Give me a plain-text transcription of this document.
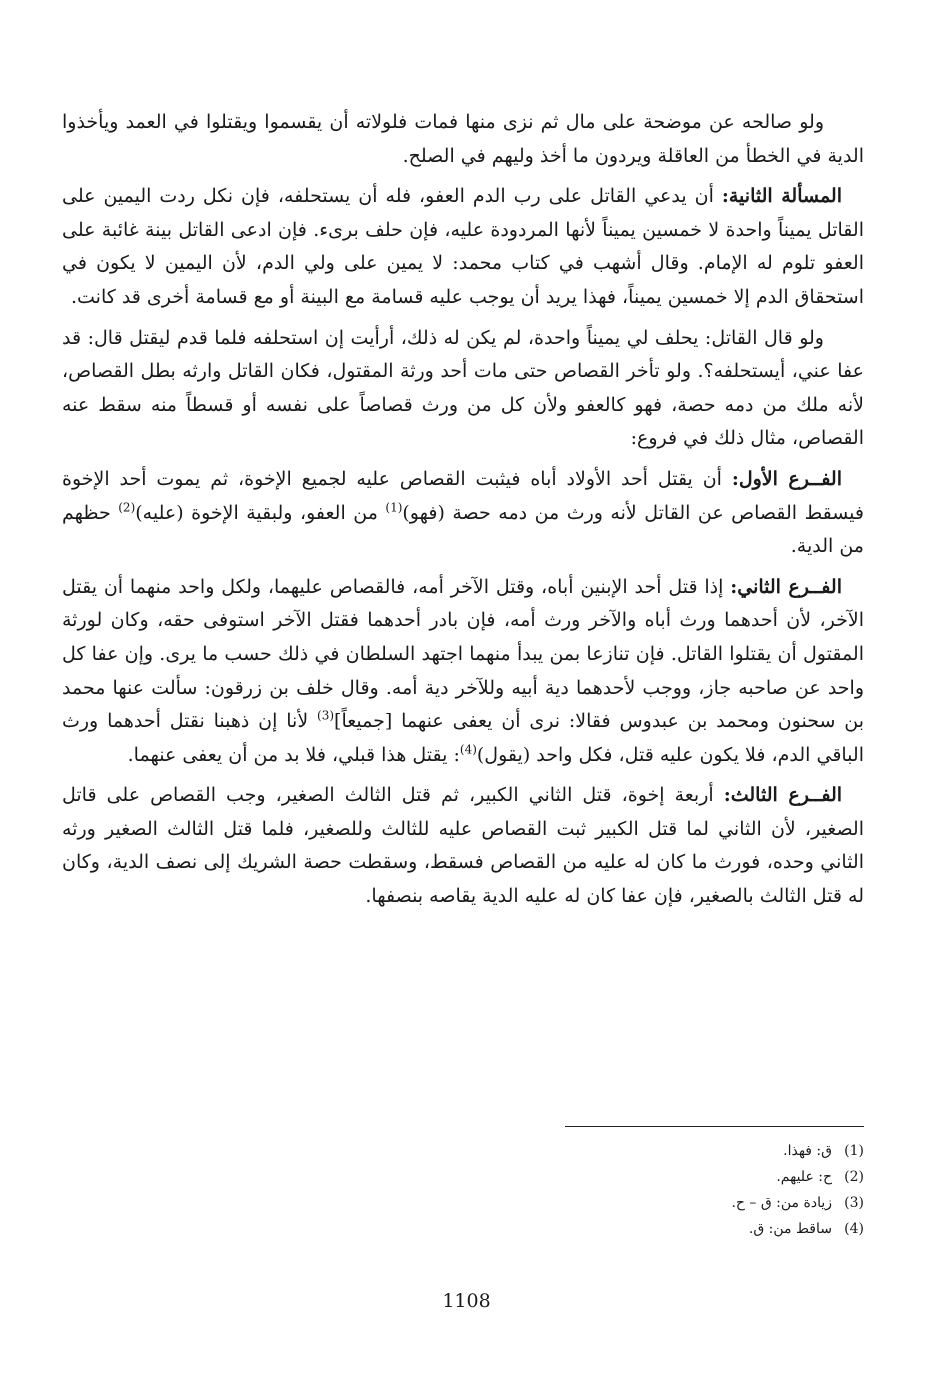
ولو صالحه عن موضحة على مال ثم نزى منها فمات فلولاته أن يقسموا ويقتلوا في العمد ويأخذوا الدية في الخطأ من العاقلة ويردون ما أخذ وليهم في الصلح.

المسألة الثانية: أن يدعي القاتل على رب الدم العفو، فله أن يستحلفه، فإن نكل ردت اليمين على القاتل يميناً واحدة لا خمسين يميناً لأنها المردودة عليه، فإن حلف برىء. فإن ادعى القاتل بينة غائبة على العفو تلوم له الإمام. وقال أشهب في كتاب محمد: لا يمين على ولي الدم، لأن اليمين لا يكون في استحقاق الدم إلا خمسين يميناً، فهذا يريد أن يوجب عليه قسامة مع البينة أو مع قسامة أخرى قد كانت.

ولو قال القاتل: يحلف لي يميناً واحدة، لم يكن له ذلك، أرأيت إن استحلفه فلما قدم ليقتل قال: قد عفا عني، أيستحلفه؟. ولو تأخر القصاص حتى مات أحد ورثة المقتول، فكان القاتل وارثه بطل القصاص، لأنه ملك من دمه حصة، فهو كالعفو ولأن كل من ورث قصاصاً على نفسه أو قسطاً منه سقط عنه القصاص، مثال ذلك في فروع:

الفــرع الأول: أن يقتل أحد الأولاد أباه فيثبت القصاص عليه لجميع الإخوة، ثم يموت أحد الإخوة فيسقط القصاص عن القاتل لأنه ورث من دمه حصة (فهو)$^{(1)}$ من العفو، ولبقية الإخوة (عليه)$^{(2)}$ حظهم من الدية.

الفــرع الثاني: إذا قتل أحد الإبنين أباه، وقتل الآخر أمه، فالقصاص عليهما، ولكل واحد منهما أن يقتل الآخر، لأن أحدهما ورث أباه والآخر ورث أمه، فإن بادر أحدهما فقتل الآخر استوفى حقه، وكان لورثة المقتول أن يقتلوا القاتل. فإن تنازعا بمن يبدأ منهما اجتهد السلطان في ذلك حسب ما يرى. وإن عفا كل واحد عن صاحبه جاز، ووجب لأحدهما دية أبيه وللآخر دية أمه. وقال خلف بن زرقون: سألت عنها محمد بن سحنون ومحمد بن عبدوس فقالا: نرى أن يعفى عنهما [جميعاً]$^{(3)}$ لأنا إن ذهبنا نقتل أحدهما ورث الباقي الدم، فلا يكون عليه قتل، فكل واحد (يقول)$^{(4)}$: يقتل هذا قبلي، فلا بد من أن يعفى عنهما.

الفــرع الثالث: أربعة إخوة، قتل الثاني الكبير، ثم قتل الثالث الصغير، وجب القصاص على قاتل الصغير، لأن الثاني لما قتل الكبير ثبت القصاص عليه للثالث وللصغير، فلما قتل الثالث الصغير ورثه الثاني وحده، فورث ما كان له عليه من القصاص فسقط، وسقطت حصة الشريك إلى نصف الدية، وكان له قتل الثالث بالصغير، فإن عفا كان له عليه الدية يقاصه بنصفها.

(1)ق: فهذا.
(2)ح: عليهم.
(3)زيادة من: ق – ح.
(4)ساقط من: ق.
1108
